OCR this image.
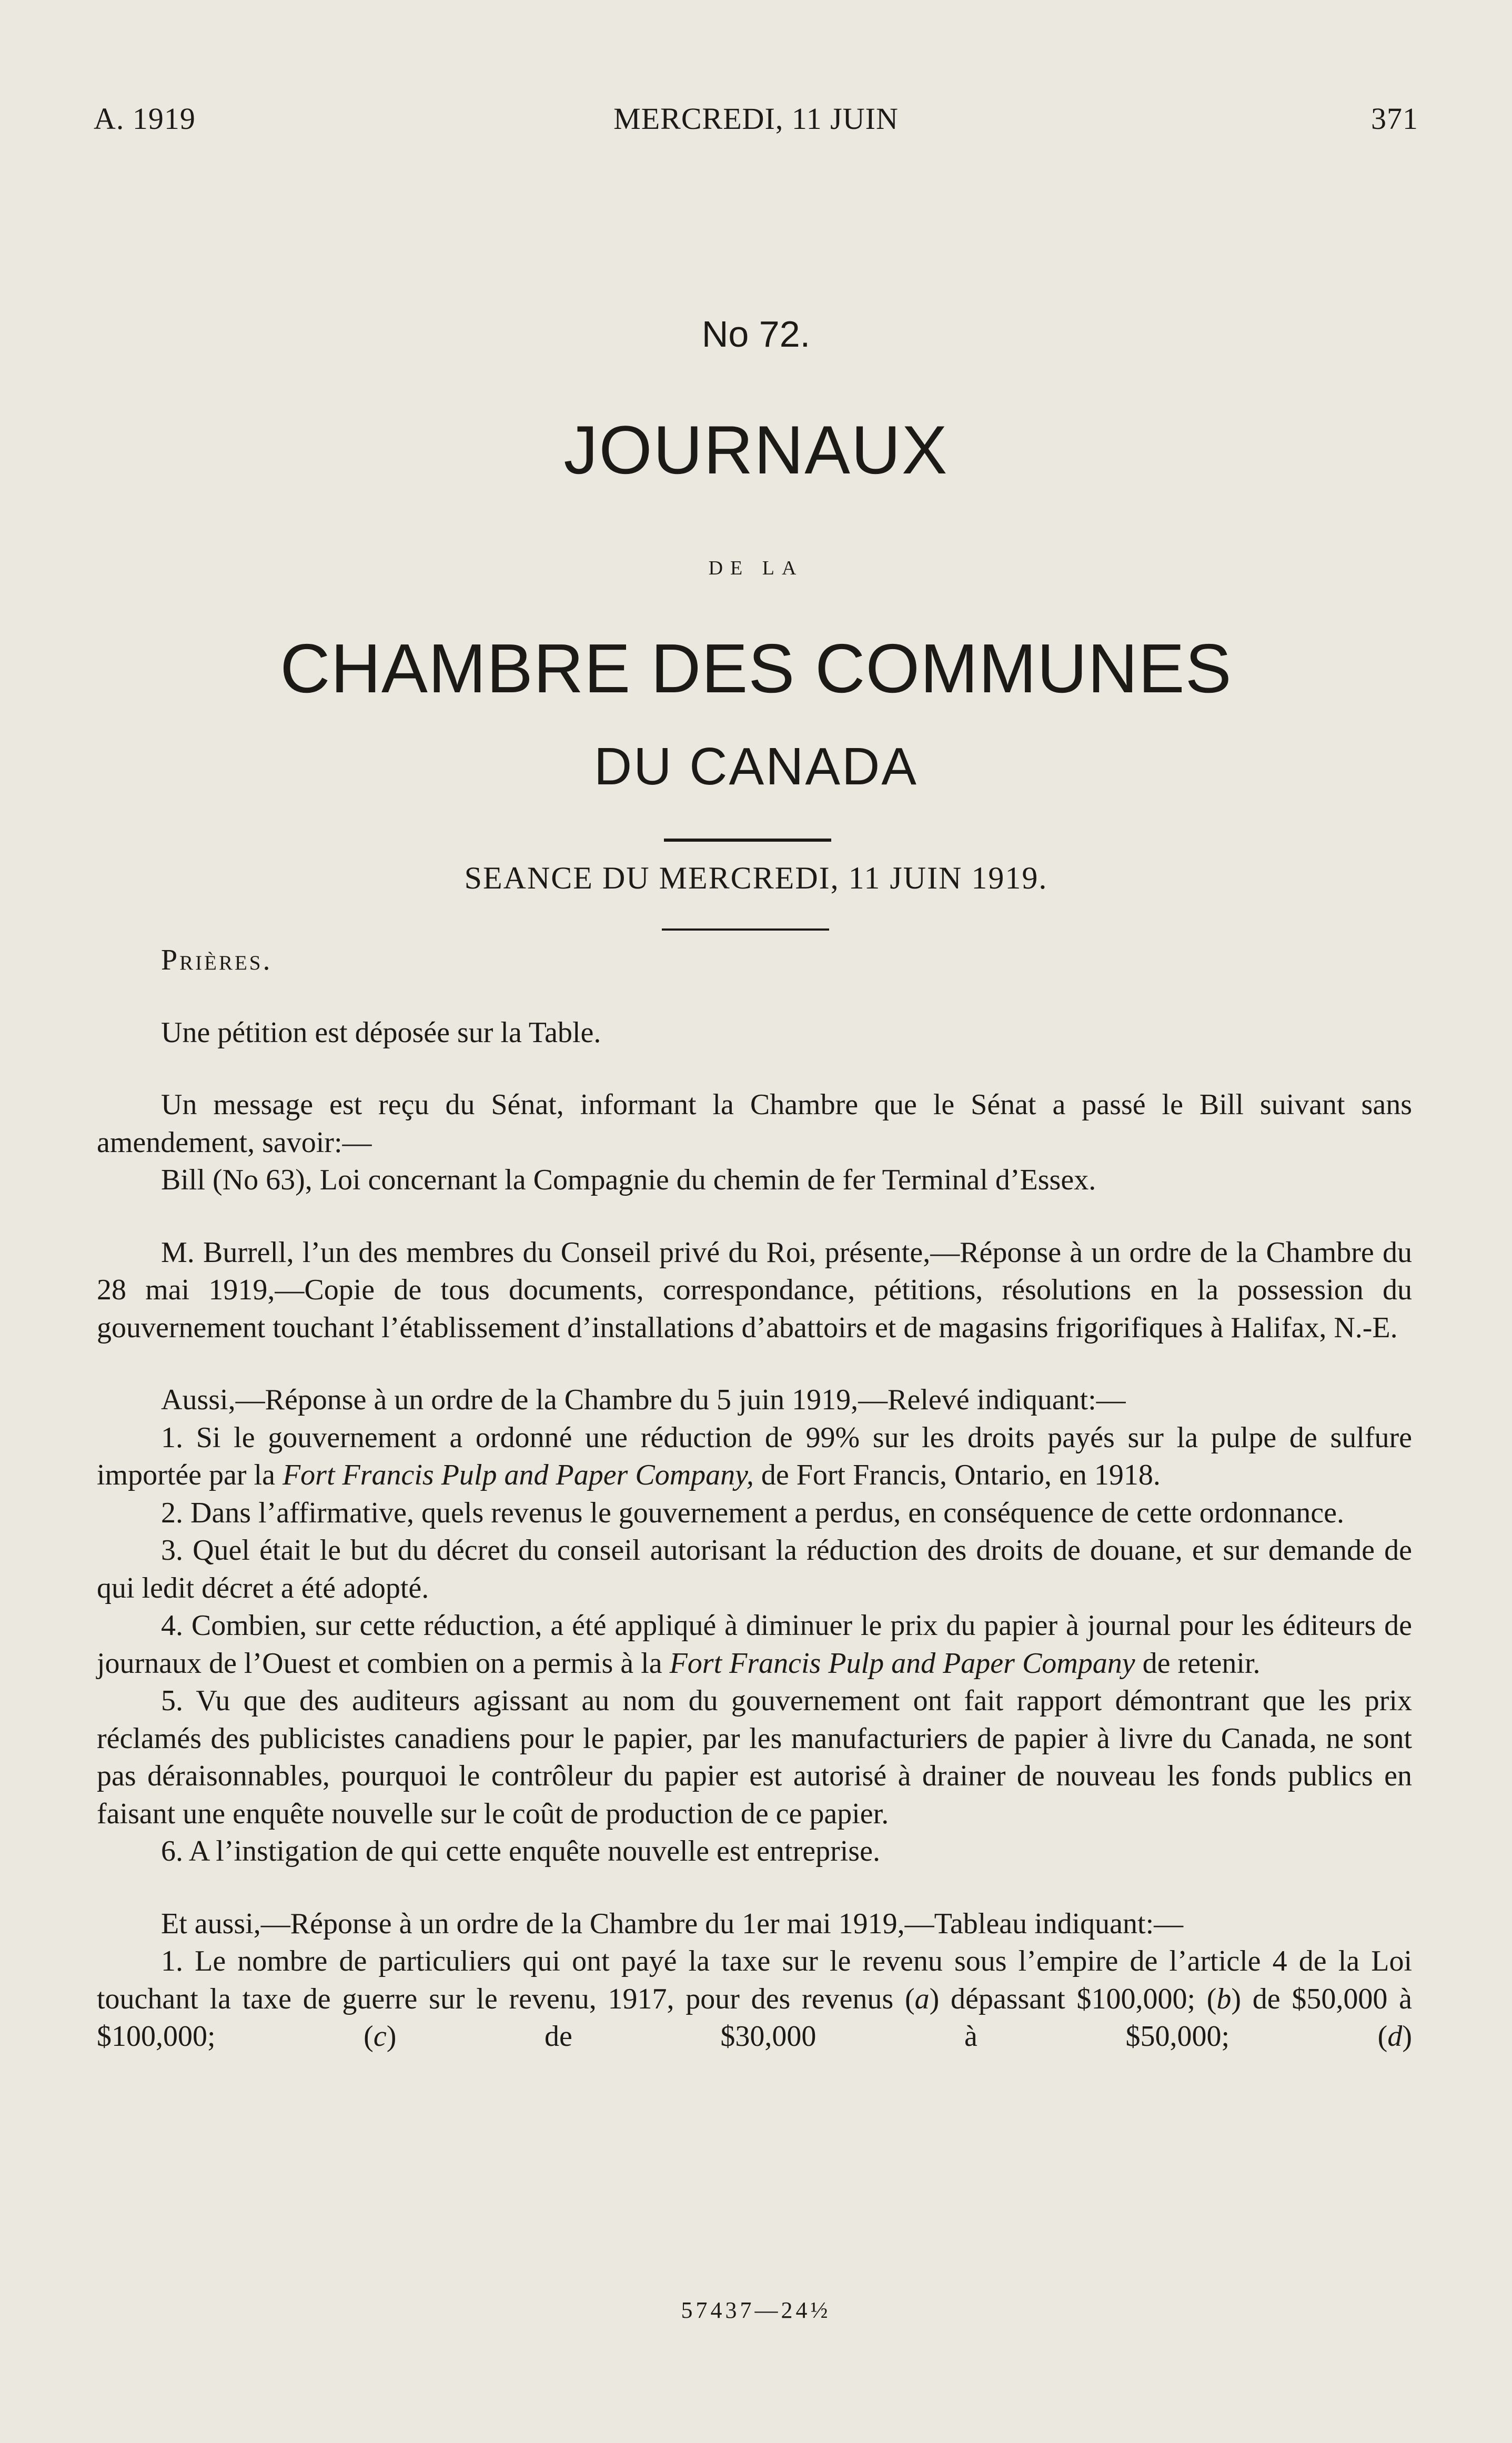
A. 1919	MERCREDI, 11 JUIN	371
No 72.
JOURNAUX
DE LA
CHAMBRE DES COMMUNES
DU CANADA
SEANCE DU MERCREDI, 11 JUIN 1919.

Prières.

Une pétition est déposée sur la Table.

Un message est reçu du Sénat, informant la Chambre que le Sénat a passé le Bill suivant sans amendement, savoir:—

Bill (No 63), Loi concernant la Compagnie du chemin de fer Terminal d’Essex.

M. Burrell, l’un des membres du Conseil privé du Roi, présente,—Réponse à un ordre de la Chambre du 28 mai 1919,—Copie de tous documents, correspondance, pétitions, résolutions en la possession du gouvernement touchant l’établissement d’installations d’abattoirs et de magasins frigorifiques à Halifax, N.-E.

Aussi,—Réponse à un ordre de la Chambre du 5 juin 1919,—Relevé indiquant:—

1. Si le gouvernement a ordonné une réduction de 99% sur les droits payés sur la pulpe de sulfure importée par la Fort Francis Pulp and Paper Company, de Fort Francis, Ontario, en 1918.

2. Dans l’affirmative, quels revenus le gouvernement a perdus, en conséquence de cette ordonnance.

3. Quel était le but du décret du conseil autorisant la réduction des droits de douane, et sur demande de qui ledit décret a été adopté.

4. Combien, sur cette réduction, a été appliqué à diminuer le prix du papier à journal pour les éditeurs de journaux de l’Ouest et combien on a permis à la Fort Francis Pulp and Paper Company de retenir.

5. Vu que des auditeurs agissant au nom du gouvernement ont fait rapport démontrant que les prix réclamés des publicistes canadiens pour le papier, par les manufacturiers de papier à livre du Canada, ne sont pas déraisonnables, pourquoi le contrôleur du papier est autorisé à drainer de nouveau les fonds publics en faisant une enquête nouvelle sur le coût de production de ce papier.

6. A l’instigation de qui cette enquête nouvelle est entreprise.

Et aussi,—Réponse à un ordre de la Chambre du 1er mai 1919,—Tableau indiquant:—

1. Le nombre de particuliers qui ont payé la taxe sur le revenu sous l’empire de l’article 4 de la Loi touchant la taxe de guerre sur le revenu, 1917, pour des revenus (a) dépassant $100,000; (b) de $50,000 à $100,000; (c) de $30,000 à $50,000; (d)

57437—24½
